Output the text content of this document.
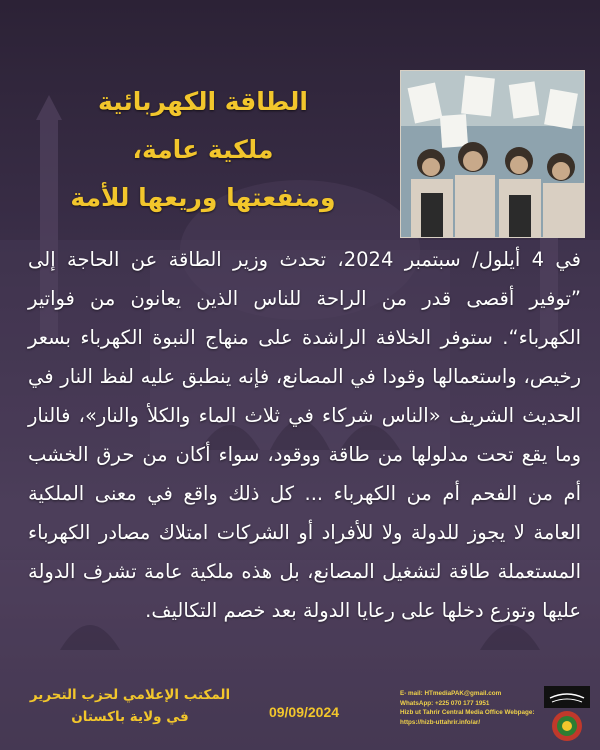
الطاقة الكهربائية
ملكية عامة،
ومنفعتها وريعها للأمة
في 4 أيلول/ سبتمبر 2024، تحدث وزير الطاقة عن الحاجة إلى ”توفير أقصى قدر من الراحة للناس الذين يعانون من فواتير الكهرباء“. ستوفر الخلافة الراشدة على منهاج النبوة الكهرباء بسعر رخيص، واستعمالها وقودا في المصانع، فإنه ينطبق عليه لفظ النار في الحديث الشريف «الناس شركاء في ثلاث الماء والكلأ والنار»، فالنار وما يقع تحت مدلولها من طاقة ووقود، سواء أكان من حرق الخشب أم من الفحم أم من الكهرباء ... كل ذلك واقع في معنى الملكية العامة لا يجوز للدولة ولا للأفراد أو الشركات امتلاك مصادر الكهرباء المستعملة طاقة لتشغيل المصانع، بل هذه ملكية عامة تشرف الدولة عليها وتوزع دخلها على رعايا الدولة بعد خصم التكاليف.
المكتب الإعلامي لحزب التحرير
في ولاية باكستان	09/09/2024
E- mail: HTmediaPAK@gmail.com
WhatsApp: +225 070 177 1951
Hizb ut Tahrir Central Media Office Webpage:
https://hizb-uttahrir.info/ar/
